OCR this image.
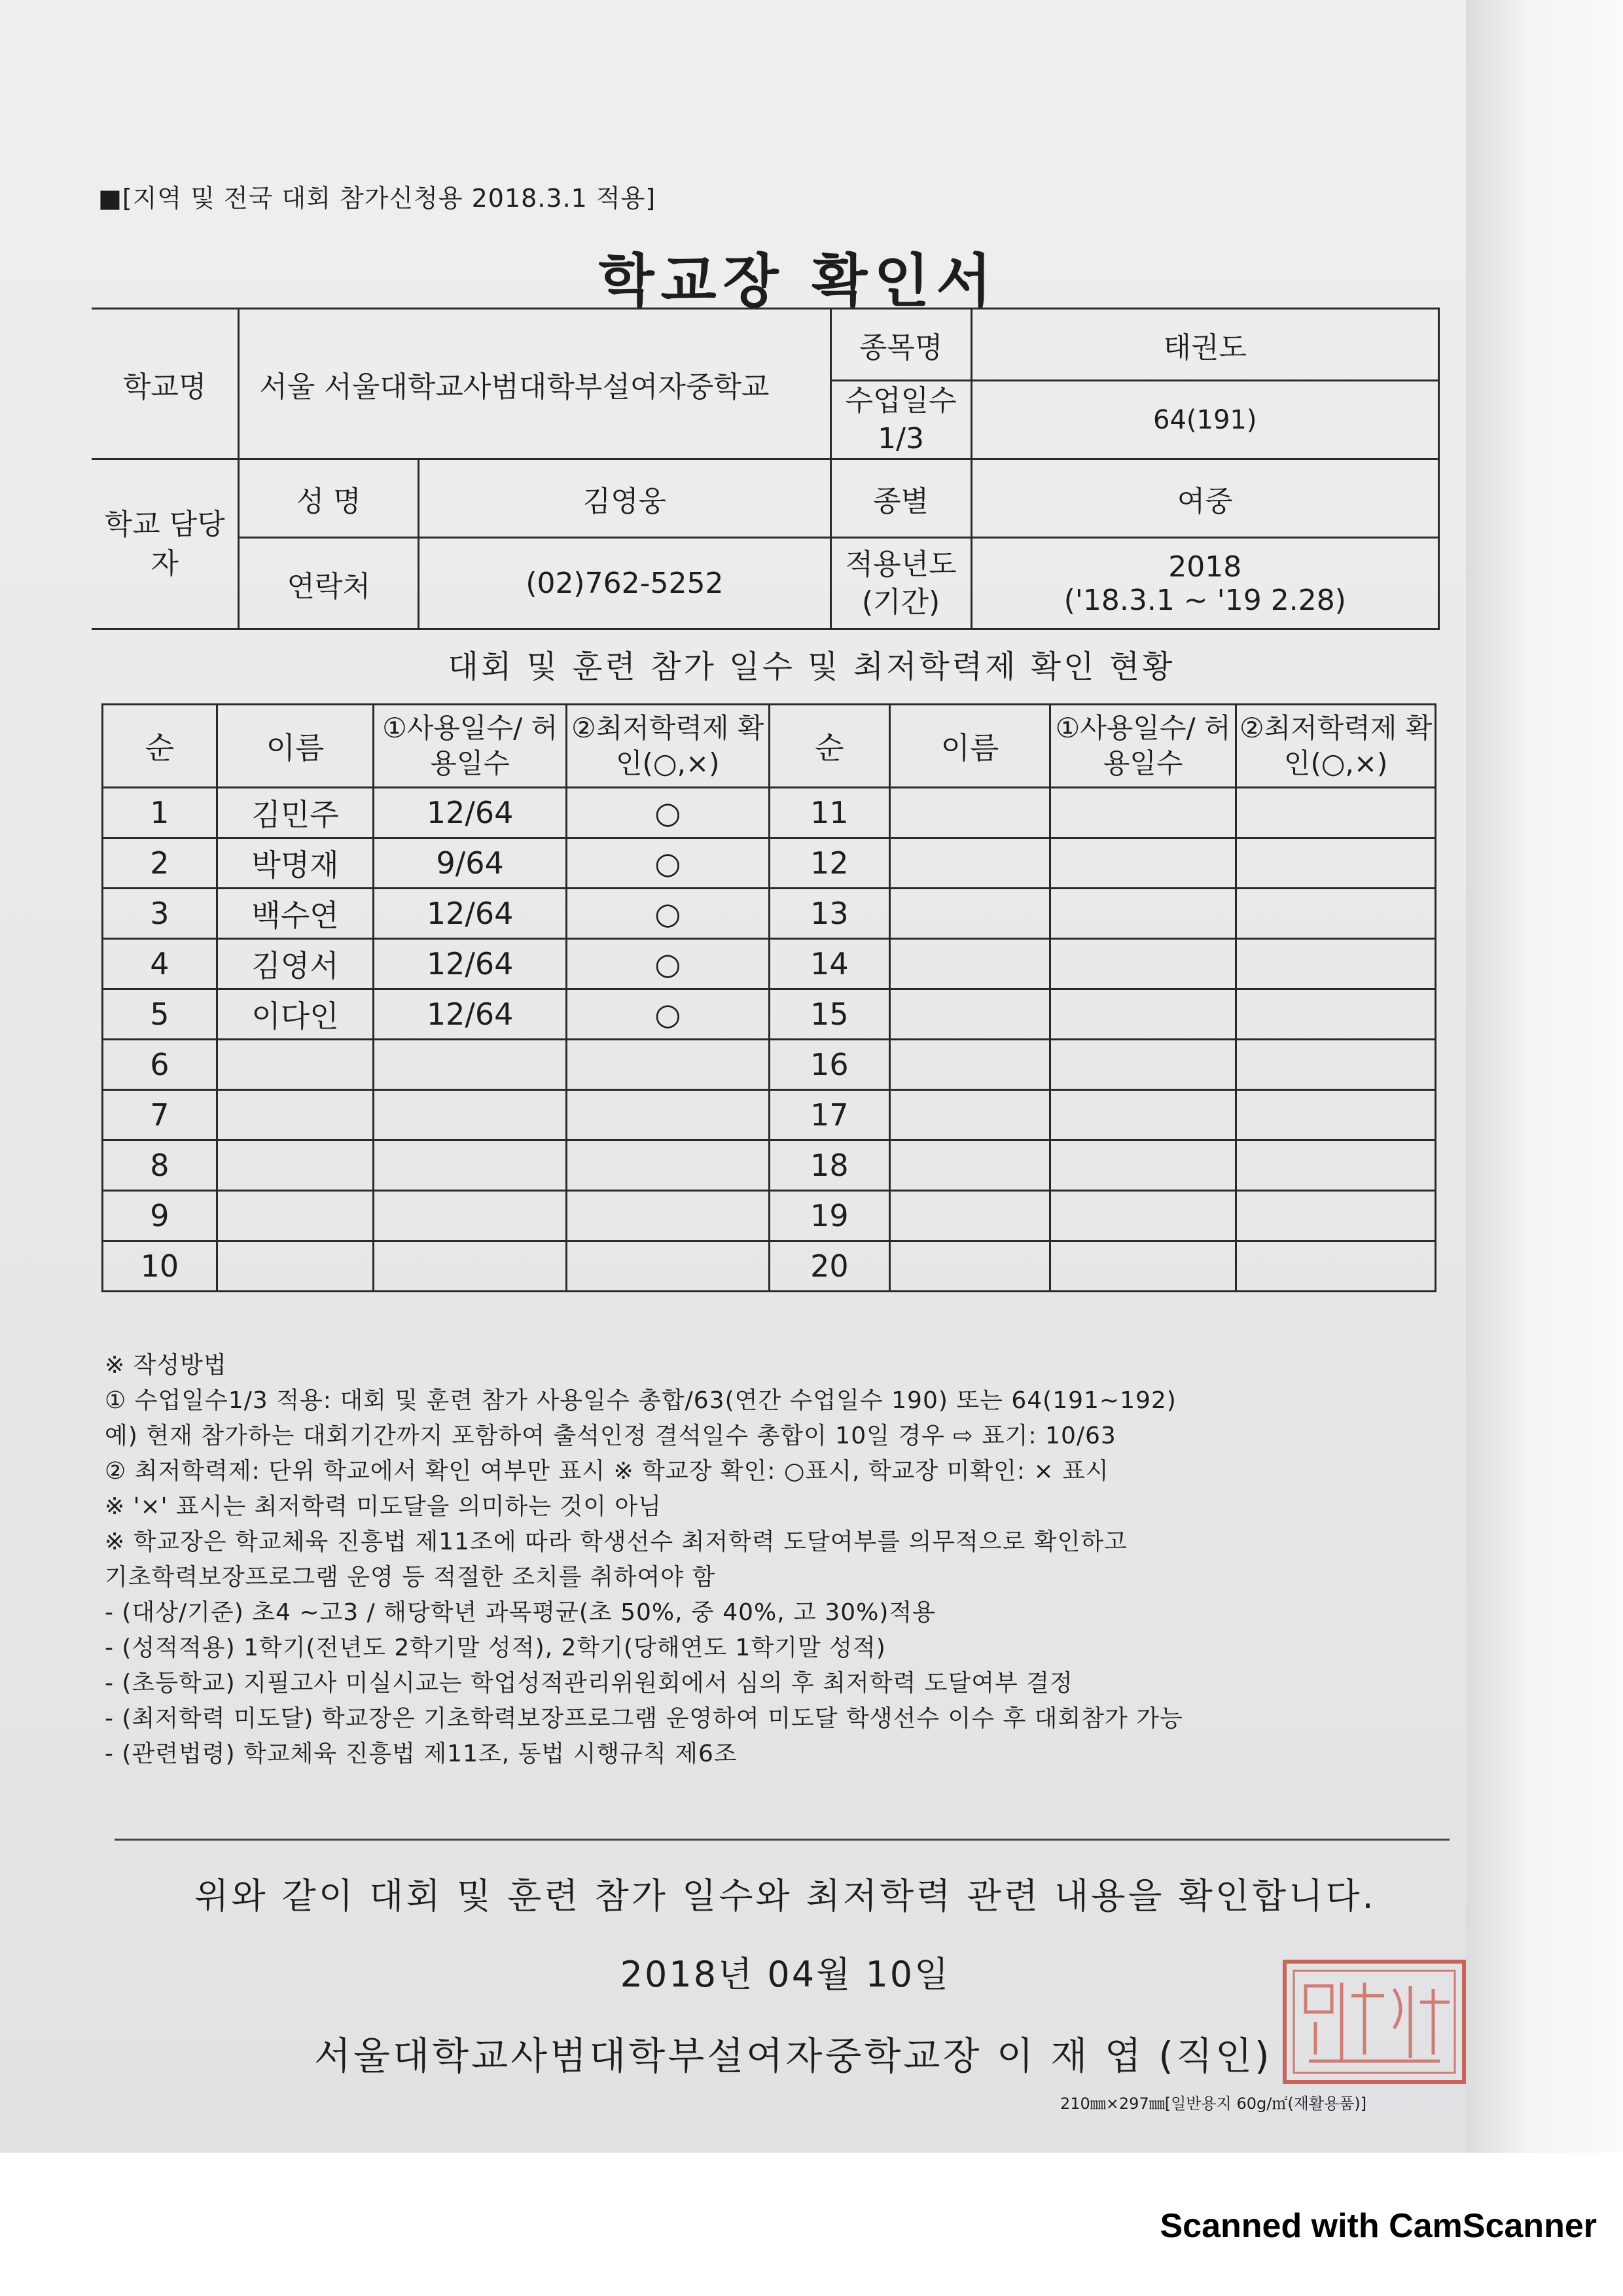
■[지역 및 전국 대회 참가신청용 2018.3.1 적용]
학교장 확인서
학교명	서울 서울대학교사범대학부설여자중학교		종목명	태권도
			수업일수 1/3	64(191)
학교 담당자	성 명	김영웅	종별	여중
	연락처	(02)762-5252	적용년도 (기간)	2018
('18.3.1 ~ '19 2.28)
대회 및 훈련 참가 일수 및 최저학력제 확인 현황
순	이름	①사용일수/ 허용일수	②최저학력제 확인(○,×)	순	이름	①사용일수/ 허용일수	②최저학력제 확인(○,×)
1	김민주	12/64	○	11			
2	박명재	9/64	○	12			
3	백수연	12/64	○	13			
4	김영서	12/64	○	14			
5	이다인	12/64	○	15			
6				16			
7				17			
8				18			
9				19			
10				20			
※ 작성방법
① 수업일수1/3 적용: 대회 및 훈련 참가 사용일수 총합/63(연간 수업일수 190) 또는 64(191~192)
예) 현재 참가하는 대회기간까지 포함하여 출석인정 결석일수 총합이 10일 경우 ⇨ 표기: 10/63
② 최저학력제: 단위 학교에서 확인 여부만 표시 ※ 학교장 확인: ○표시, 학교장 미확인: × 표시
※ '×' 표시는 최저학력 미도달을 의미하는 것이 아님
※ 학교장은 학교체육 진흥법 제11조에 따라 학생선수 최저학력 도달여부를 의무적으로 확인하고
기초학력보장프로그램 운영 등 적절한 조치를 취하여야 함
- (대상/기준) 초4 ~고3 / 해당학년 과목평균(초 50%, 중 40%, 고 30%)적용
- (성적적용) 1학기(전년도 2학기말 성적), 2학기(당해연도 1학기말 성적)
- (초등학교) 지필고사 미실시교는 학업성적관리위원회에서 심의 후 최저학력 도달여부 결정
- (최저학력 미도달) 학교장은 기초학력보장프로그램 운영하여 미도달 학생선수 이수 후 대회참가 가능
- (관련법령) 학교체육 진흥법 제11조, 동법 시행규칙 제6조
위와 같이 대회 및 훈련 참가 일수와 최저학력 관련 내용을 확인합니다.
2018년 04월 10일
서울대학교사범대학부설여자중학교장 이 재 엽 (직인)
210㎜×297㎜[일반용지 60g/㎡(재활용품)]
Scanned with CamScanner
